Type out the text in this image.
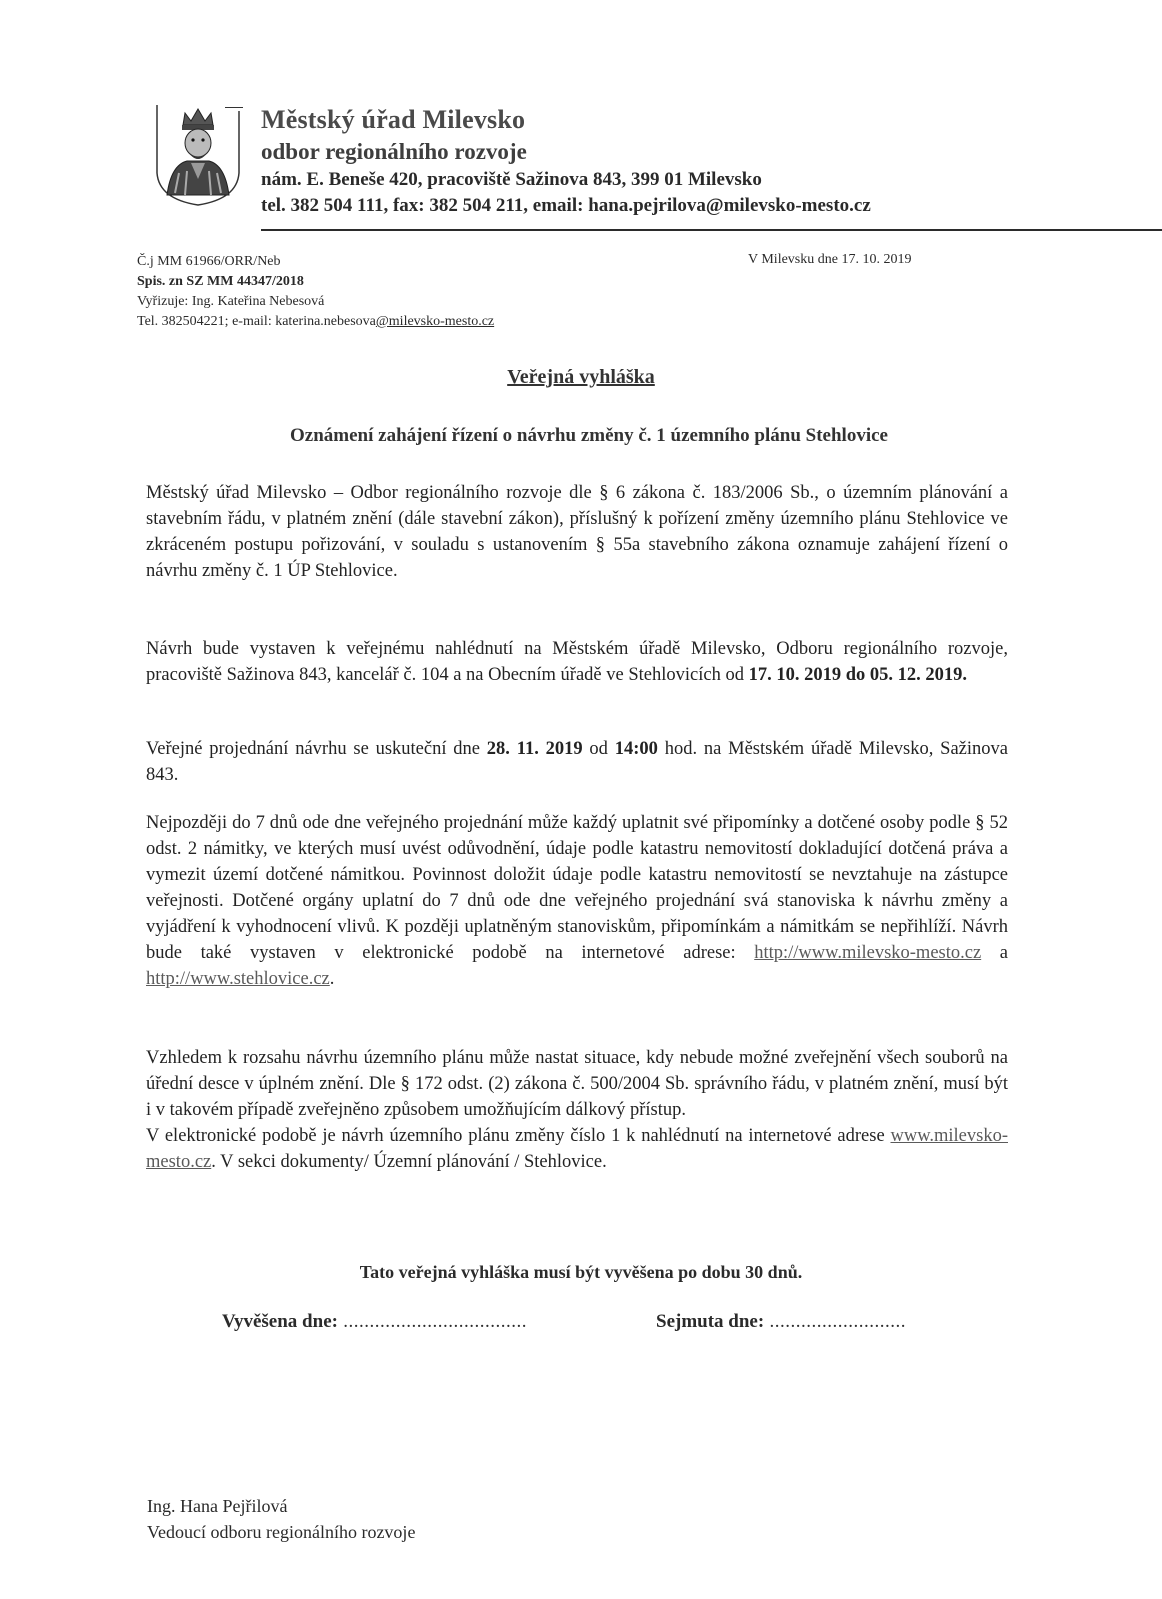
Městský úřad Milevsko
odbor regionálního rozvoje
nám. E. Beneše 420, pracoviště Sažinova 843, 399 01 Milevsko
tel. 382 504 111, fax: 382 504 211, email: hana.pejrilova@milevsko-mesto.cz
Č.j MM 61966/ORR/Neb
Spis. zn SZ MM 44347/2018
Vyřizuje: Ing. Kateřina Nebesová
Tel. 382504221; e-mail: katerina.nebesova@milevsko-mesto.cz
V Milevsku dne 17. 10. 2019
Veřejná vyhláška
Oznámení zahájení řízení o návrhu změny č. 1 územního plánu Stehlovice
Městský úřad Milevsko – Odbor regionálního rozvoje dle § 6 zákona č. 183/2006 Sb., o územním plánování a stavebním řádu, v platném znění (dále stavební zákon), příslušný k pořízení změny územního plánu Stehlovice ve zkráceném postupu pořizování, v souladu s ustanovením § 55a stavebního zákona oznamuje zahájení řízení o návrhu změny č. 1 ÚP Stehlovice.
Návrh bude vystaven k veřejnému nahlédnutí na Městském úřadě Milevsko, Odboru regionálního rozvoje, pracoviště Sažinova 843, kancelář č. 104 a na Obecním úřadě ve Stehlovicích od 17. 10. 2019 do 05. 12. 2019.
Veřejné projednání návrhu se uskuteční dne 28. 11. 2019 od 14:00 hod. na Městském úřadě Milevsko, Sažinova 843.
Nejpozději do 7 dnů ode dne veřejného projednání může každý uplatnit své připomínky a dotčené osoby podle § 52 odst. 2 námitky, ve kterých musí uvést odůvodnění, údaje podle katastru nemovitostí dokladující dotčená práva a vymezit území dotčené námitkou. Povinnost doložit údaje podle katastru nemovitostí se nevztahuje na zástupce veřejnosti. Dotčené orgány uplatní do 7 dnů ode dne veřejného projednání svá stanoviska k návrhu změny a vyjádření k vyhodnocení vlivů. K později uplatněným stanoviskům, připomínkám a námitkám se nepřihlíží. Návrh bude také vystaven v elektronické podobě na internetové adrese: http://www.milevsko-mesto.cz a http://www.stehlovice.cz.
Vzhledem k rozsahu návrhu územního plánu může nastat situace, kdy nebude možné zveřejnění všech souborů na úřední desce v úplném znění. Dle § 172 odst. (2) zákona č. 500/2004 Sb. správního řádu, v platném znění, musí být i v takovém případě zveřejněno způsobem umožňujícím dálkový přístup.
V elektronické podobě je návrh územního plánu změny číslo 1 k nahlédnutí na internetové adrese www.milevsko-mesto.cz. V sekci dokumenty/ Územní plánování / Stehlovice.
Tato veřejná vyhláška musí být vyvěšena po dobu 30 dnů.
Vyvěšena dne: ...................................	Sejmuta dne: ..........................
Ing. Hana Pejřilová
Vedoucí odboru regionálního rozvoje
